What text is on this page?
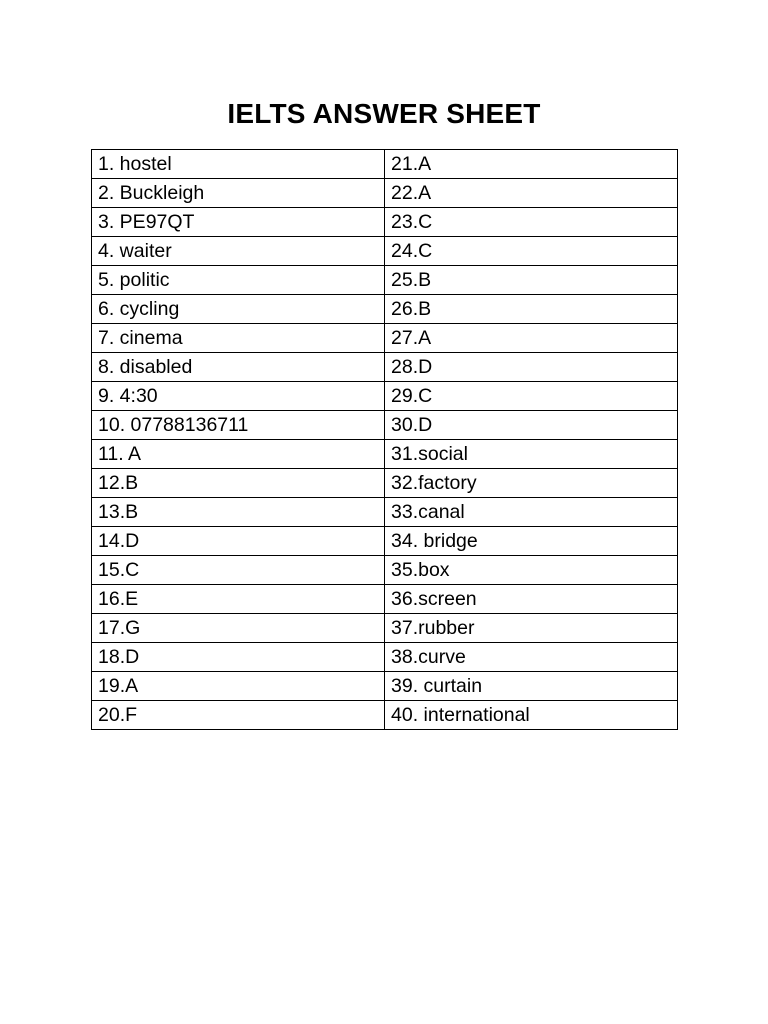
IELTS ANSWER SHEET
1. hostel	21.A
2. Buckleigh	22.A
3. PE97QT	23.C
4. waiter	24.C
5. politic	25.B
6. cycling	26.B
7. cinema	27.A
8. disabled	28.D
9. 4:30	29.C
10. 07788136711	30.D
11. A	31.social
12.B	32.factory
13.B	33.canal
14.D	34. bridge
15.C	35.box
16.E	36.screen
17.G	37.rubber
18.D	38.curve
19.A	39. curtain
20.F	40. international
